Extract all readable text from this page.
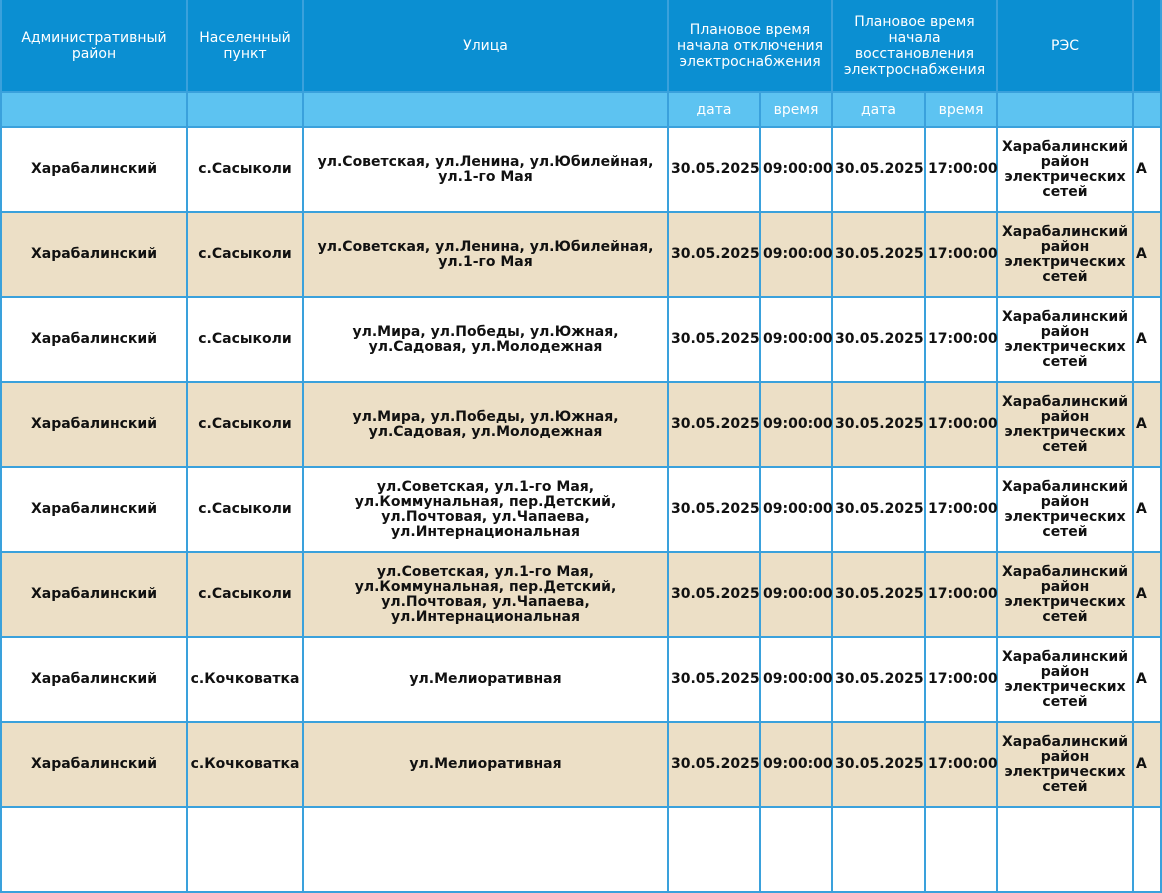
Административный район	Населенный пункт	Улица	Плановое время начала отключения электроснабжения		Плановое время начала восстановления электроснабжения		РЭС	
			дата	время	дата	время		
Харабалинский	с.Сасыколи	ул.Советская, ул.Ленина, ул.Юбилейная, ул.1-го Мая	30.05.2025	09:00:00	30.05.2025	17:00:00	Харабалинский район электрических сетей	А
Харабалинский	с.Сасыколи	ул.Советская, ул.Ленина, ул.Юбилейная, ул.1-го Мая	30.05.2025	09:00:00	30.05.2025	17:00:00	Харабалинский район электрических сетей	А
Харабалинский	с.Сасыколи	ул.Мира, ул.Победы, ул.Южная, ул.Садовая, ул.Молодежная	30.05.2025	09:00:00	30.05.2025	17:00:00	Харабалинский район электрических сетей	А
Харабалинский	с.Сасыколи	ул.Мира, ул.Победы, ул.Южная, ул.Садовая, ул.Молодежная	30.05.2025	09:00:00	30.05.2025	17:00:00	Харабалинский район электрических сетей	А
Харабалинский	с.Сасыколи	ул.Советская, ул.1-го Мая, ул.Коммунальная, пер.Детский, ул.Почтовая, ул.Чапаева, ул.Интернациональная	30.05.2025	09:00:00	30.05.2025	17:00:00	Харабалинский район электрических сетей	А
Харабалинский	с.Сасыколи	ул.Советская, ул.1-го Мая, ул.Коммунальная, пер.Детский, ул.Почтовая, ул.Чапаева, ул.Интернациональная	30.05.2025	09:00:00	30.05.2025	17:00:00	Харабалинский район электрических сетей	А
Харабалинский	с.Кочковатка	ул.Мелиоративная	30.05.2025	09:00:00	30.05.2025	17:00:00	Харабалинский район электрических сетей	А
Харабалинский	с.Кочковатка	ул.Мелиоративная	30.05.2025	09:00:00	30.05.2025	17:00:00	Харабалинский район электрических сетей	А
